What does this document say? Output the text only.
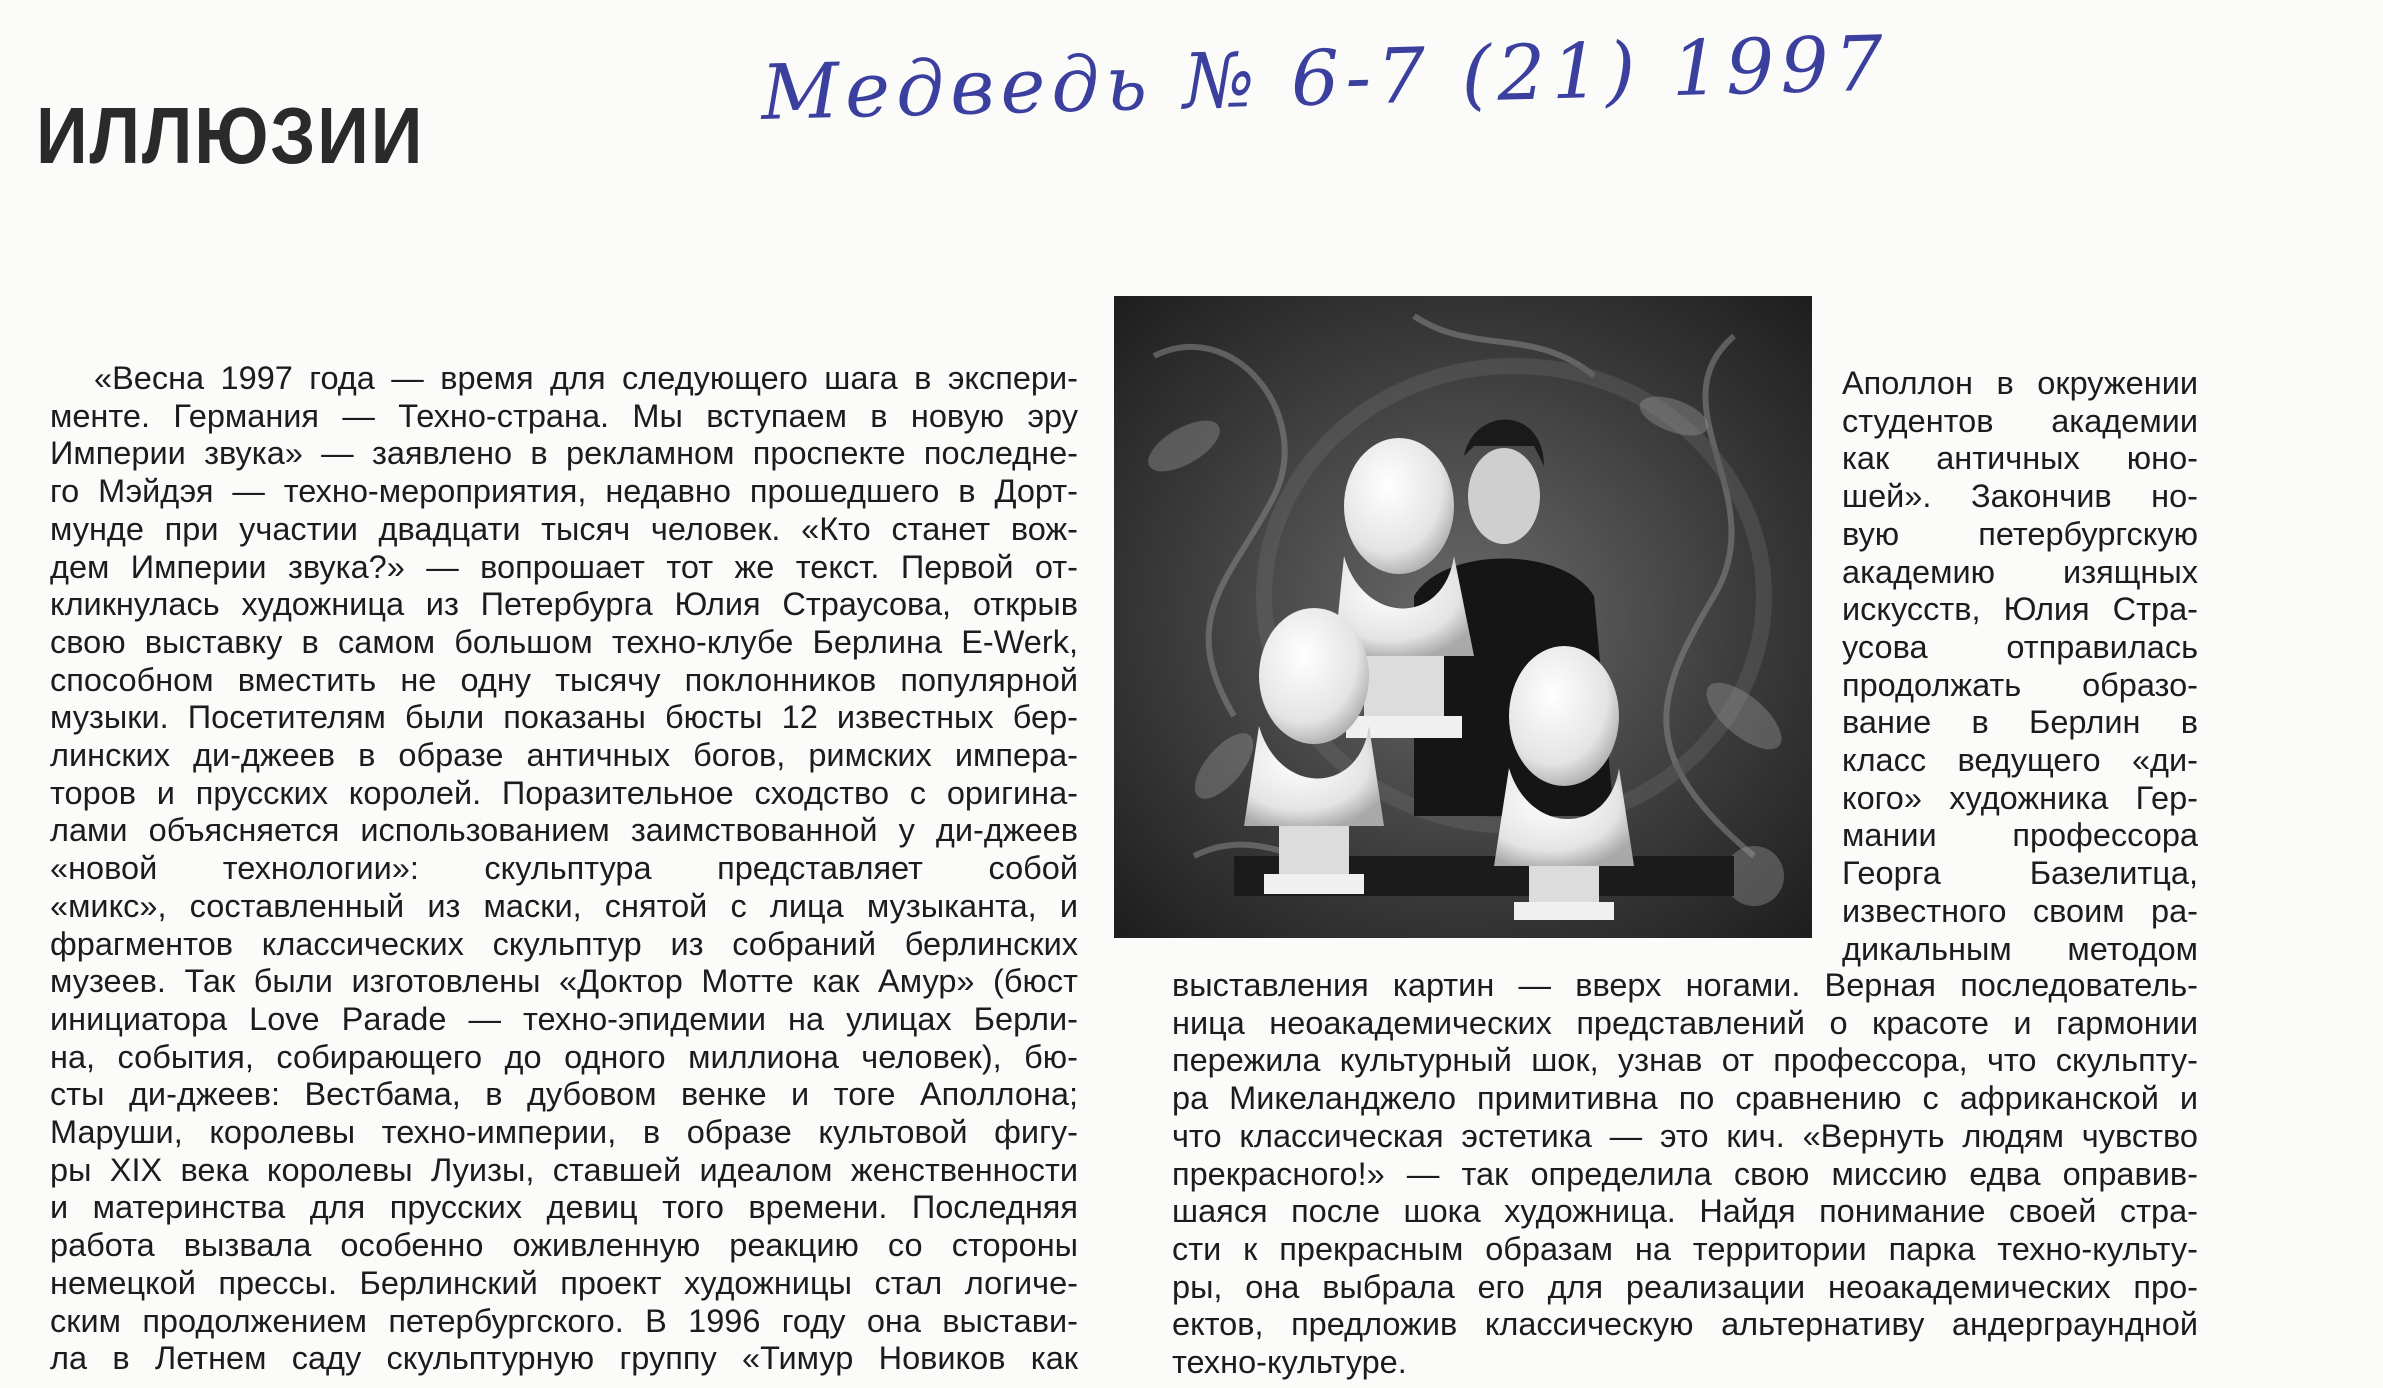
ИЛЛЮЗИИ	Медведь № 6-7 (21) 1997
«Весна 1997 года — время для следующего шага в экспери-
менте. Германия — Техно-страна. Мы вступаем в новую эру
Империи звука» — заявлено в рекламном проспекте последне-
го Мэйдэя — техно-мероприятия, недавно прошедшего в Дорт-
мунде при участии двадцати тысяч человек. «Кто станет вож-
дем Империи звука?» — вопрошает тот же текст. Первой от-
кликнулась художница из Петербурга Юлия Страусова, открыв
свою выставку в самом большом техно-клубе Берлина E-Werk,
способном вместить не одну тысячу поклонников популярной
музыки. Посетителям были показаны бюсты 12 известных бер-
линских ди-джеев в образе античных богов, римских импера-
торов и прусских королей. Поразительное сходство с оригина-
лами объясняется использованием заимствованной у ди-джеев
«новой технологии»: скульптура представляет собой
«микс», составленный из маски, снятой с лица музыканта, и
фрагментов классических скульптур из собраний берлинских
музеев. Так были изготовлены «Доктор Мотте как Амур» (бюст
инициатора Love Parade — техно-эпидемии на улицах Берли-
на, события, собирающего до одного миллиона человек), бю-
сты ди-джеев: Вестбама, в дубовом венке и тоге Аполлона;
Маруши, королевы техно-империи, в образе культовой фигу-
ры XIX века королевы Луизы, ставшей идеалом женственности
и материнства для прусских девиц того времени. Последняя
работа вызвала особенно оживленную реакцию со стороны
немецкой прессы. Берлинский проект художницы стал логиче-
ским продолжением петербургского. В 1996 году она выстави-
ла в Летнем саду скульптурную группу «Тимур Новиков как
Аполлон в окружении
студентов академии
как античных юно-
шей». Закончив но-
вую петербургскую
академию изящных
искусств, Юлия Стра-
усова отправилась
продолжать образо-
вание в Берлин в
класс ведущего «ди-
кого» художника Гер-
мании профессора
Георга Базелитца,
известного своим ра-
дикальным методом
выставления картин — вверх ногами. Верная последователь-
ница неоакадемических представлений о красоте и гармонии
пережила культурный шок, узнав от професcора, что скульпту-
ра Микеланджело примитивна по сравнению с африканской и
что классическая эстетика — это кич. «Вернуть людям чувство
прекрасного!» — так определила свою миссию едва оправив-
шаяся после шока художница. Найдя понимание своей стра-
сти к прекрасным образам на территории парка техно-культу-
ры, она выбрала его для реализации неоакадемических про-
ектов, предложив классическую альтернативу андерграундной
техно-культуре.
